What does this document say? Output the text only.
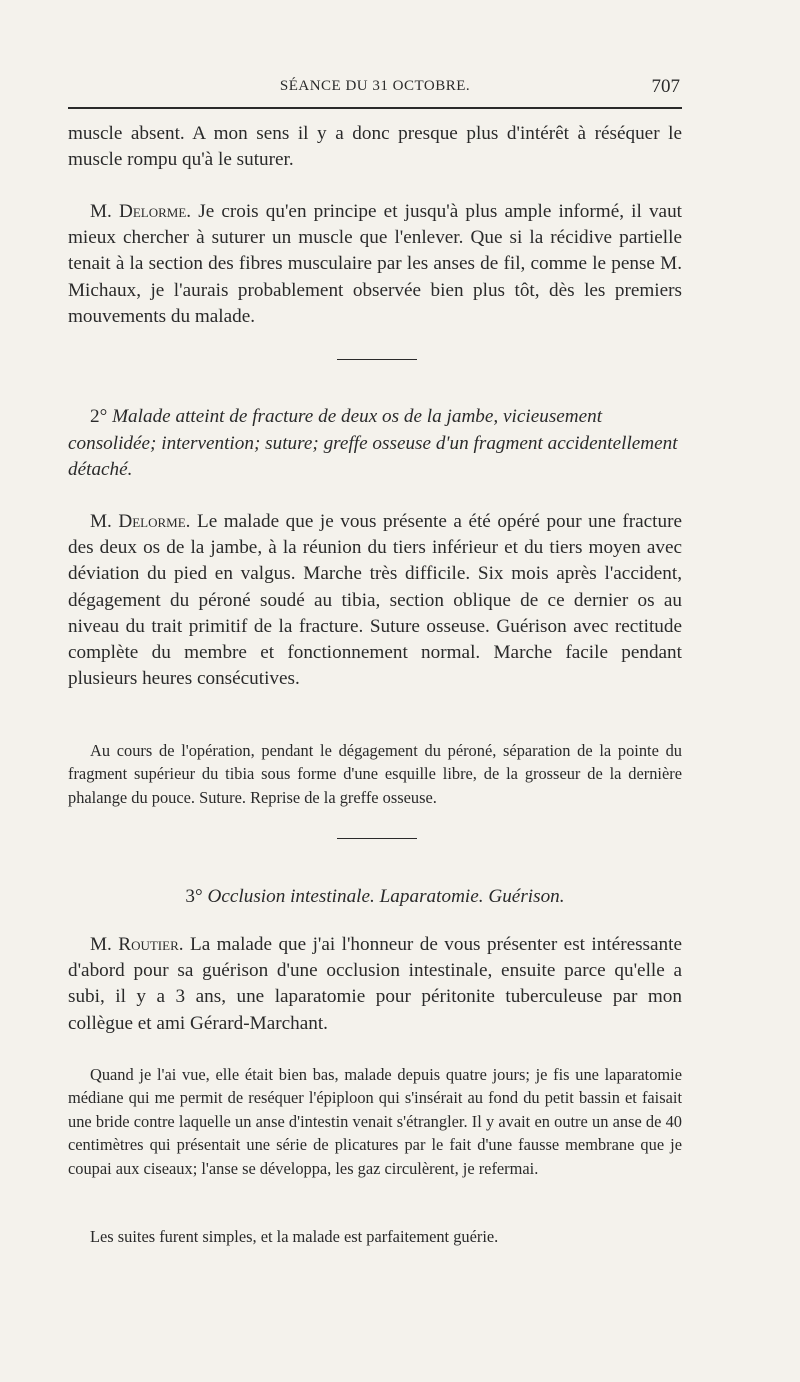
SÉANCE DU 31 OCTOBRE.	707

muscle absent. A mon sens il y a donc presque plus d'intérêt à réséquer le muscle rompu qu'à le suturer.

M. Delorme. Je crois qu'en principe et jusqu'à plus ample informé, il vaut mieux chercher à suturer un muscle que l'enlever. Que si la récidive partielle tenait à la section des fibres musculaire par les anses de fil, comme le pense M. Michaux, je l'aurais probablement observée bien plus tôt, dès les premiers mouvements du malade.

2° Malade atteint de fracture de deux os de la jambe, vicieusement consolidée; intervention; suture; greffe osseuse d'un fragment accidentellement détaché.

M. Delorme. Le malade que je vous présente a été opéré pour une fracture des deux os de la jambe, à la réunion du tiers inférieur et du tiers moyen avec déviation du pied en valgus. Marche très difficile. Six mois après l'accident, dégagement du péroné soudé au tibia, section oblique de ce dernier os au niveau du trait primitif de la fracture. Suture osseuse. Guérison avec rectitude complète du membre et fonctionnement normal. Marche facile pendant plusieurs heures consécutives.

Au cours de l'opération, pendant le dégagement du péroné, séparation de la pointe du fragment supérieur du tibia sous forme d'une esquille libre, de la grosseur de la dernière phalange du pouce. Suture. Reprise de la greffe osseuse.

3° Occlusion intestinale. Laparatomie. Guérison.

M. Routier. La malade que j'ai l'honneur de vous présenter est intéressante d'abord pour sa guérison d'une occlusion intestinale, ensuite parce qu'elle a subi, il y a 3 ans, une laparatomie pour péritonite tuberculeuse par mon collègue et ami Gérard-Marchant.

Quand je l'ai vue, elle était bien bas, malade depuis quatre jours; je fis une laparatomie médiane qui me permit de reséquer l'épiploon qui s'insérait au fond du petit bassin et faisait une bride contre laquelle un anse d'intestin venait s'étrangler. Il y avait en outre un anse de 40 centimètres qui présentait une série de plicatures par le fait d'une fausse membrane que je coupai aux ciseaux; l'anse se développa, les gaz circulèrent, je refermai.

Les suites furent simples, et la malade est parfaitement guérie.
